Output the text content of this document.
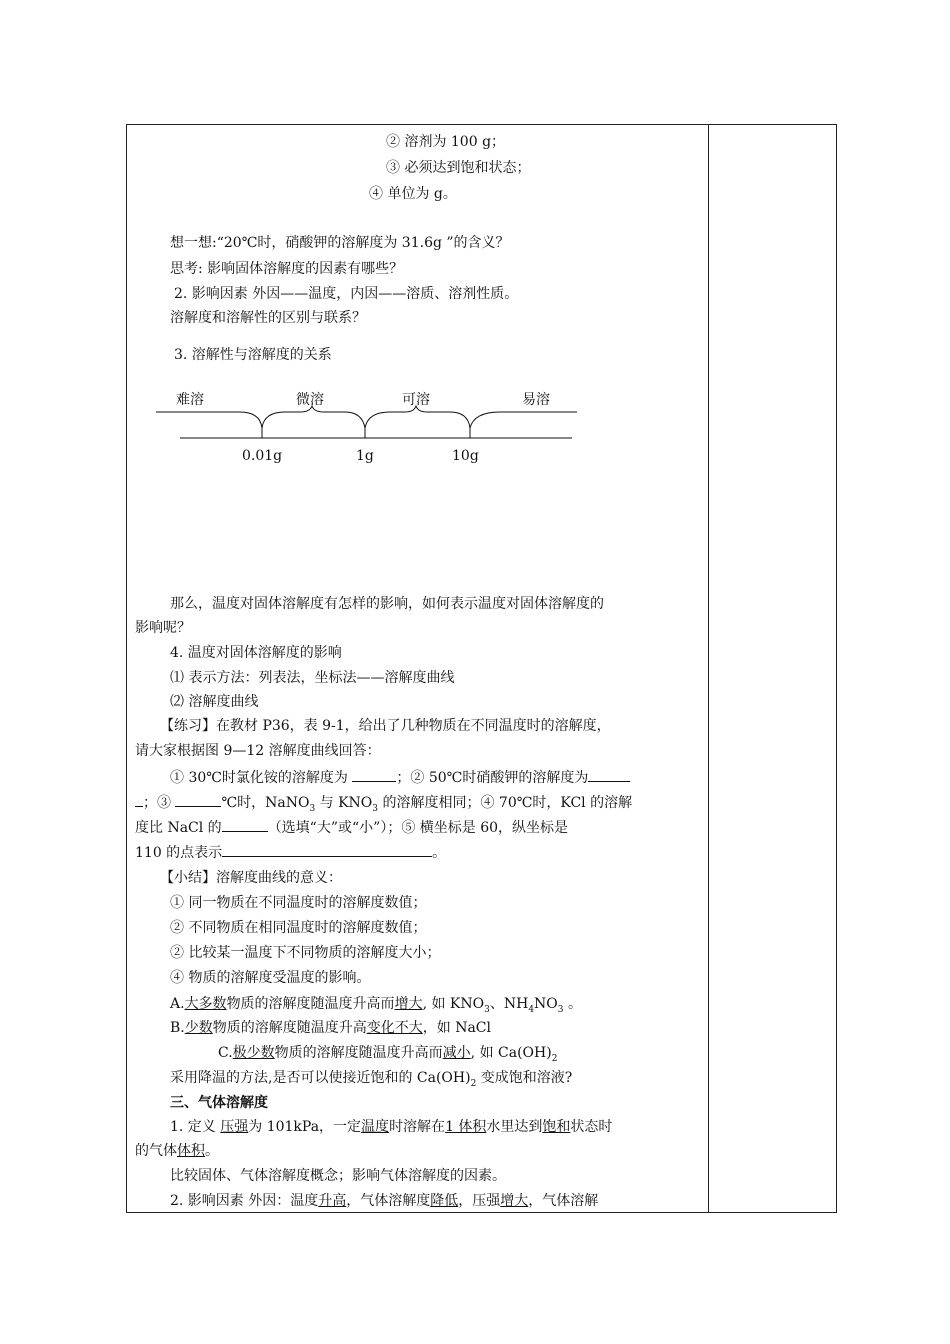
② 溶剂为 100 g；
③ 必须达到饱和状态；
④ 单位为 g。
想一想:“20℃时，硝酸钾的溶解度为 31.6g ”的含义？
思考: 影响固体溶解度的因素有哪些？
2. 影响因素 外因——温度，内因——溶质、溶剂性质。
溶解度和溶解性的区别与联系？
3. 溶解性与溶解度的关系
难溶	微溶	可溶	易溶
0.01g	1g	10g
那么，温度对固体溶解度有怎样的影响，如何表示温度对固体溶解度的
影响呢？
4. 温度对固体溶解度的影响
⑴ 表示方法：列表法，坐标法——溶解度曲线
⑵ 溶解度曲线
【练习】在教材 P36，表 9-1，给出了几种物质在不同温度时的溶解度，
请大家根据图 9—12 溶解度曲线回答：
① 30℃时氯化铵的溶解度为	；② 50℃时硝酸钾的溶解度为
；③	℃时，NaNO$_3$ 与 $KNO_3$ 的溶解度相同；④ 70℃时，KCl 的溶解
度比 NaCl 的	（选填“大”或“小”）；⑤ 横坐标是 60，纵坐标是
110 的点表示	。
【小结】溶解度曲线的意义：
① 同一物质在不同温度时的溶解度数值；
② 不同物质在相同温度时的溶解度数值；
② 比较某一温度下不同物质的溶解度大小；
④ 物质的溶解度受温度的影响。
A.大多数物质的溶解度随温度升高而增大, 如 $KNO_3$、$NH_4NO_3$ 。
B.少数物质的溶解度随温度升高变化不大，如 NaCl
C.极少数物质的溶解度随温度升高而减小, 如 $Ca(OH)_2$
采用降温的方法,是否可以使接近饱和的 $Ca(OH)_2$ 变成饱和溶液?
三、气体溶解度
1. 定义 压强为 101kPa，一定温度时溶解在1 体积水里达到饱和状态时
的气体体积。
比较固体、气体溶解度概念；影响气体溶解度的因素。
2. 影响因素 外因：温度升高，气体溶解度降低，压强增大，气体溶解
